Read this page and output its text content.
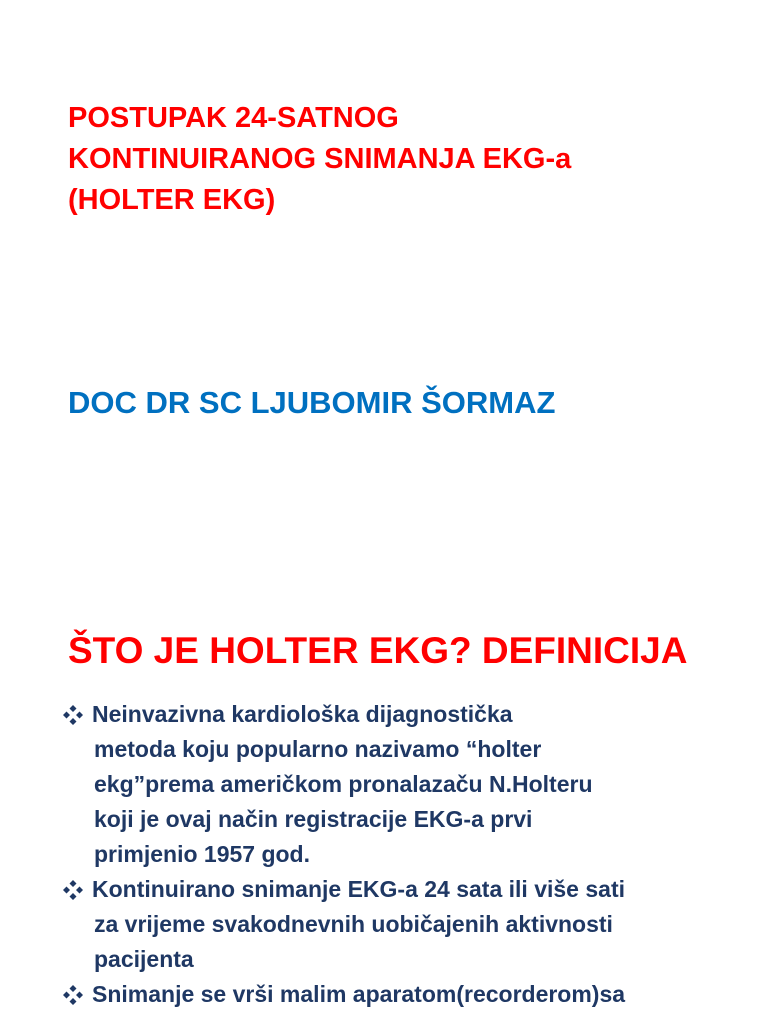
POSTUPAK 24-SATNOG
KONTINUIRANOG SNIMANJA EKG-a
(HOLTER EKG)

DOC DR SC LJUBOMIR ŠORMAZ

ŠTO JE HOLTER EKG? DEFINICIJA
Neinvazivna kardiološka dijagnostička
metoda koju popularno nazivamo “holter
ekg”prema američkom pronalazaču N.Holteru
koji je ovaj način registracije EKG-a prvi
primjenio 1957 god.
Kontinuirano snimanje EKG-a 24 sata ili više sati
za vrijeme svakodnevnih uobičajenih aktivnosti
pacijenta
Snimanje se vrši malim aparatom(recorderom)sa
